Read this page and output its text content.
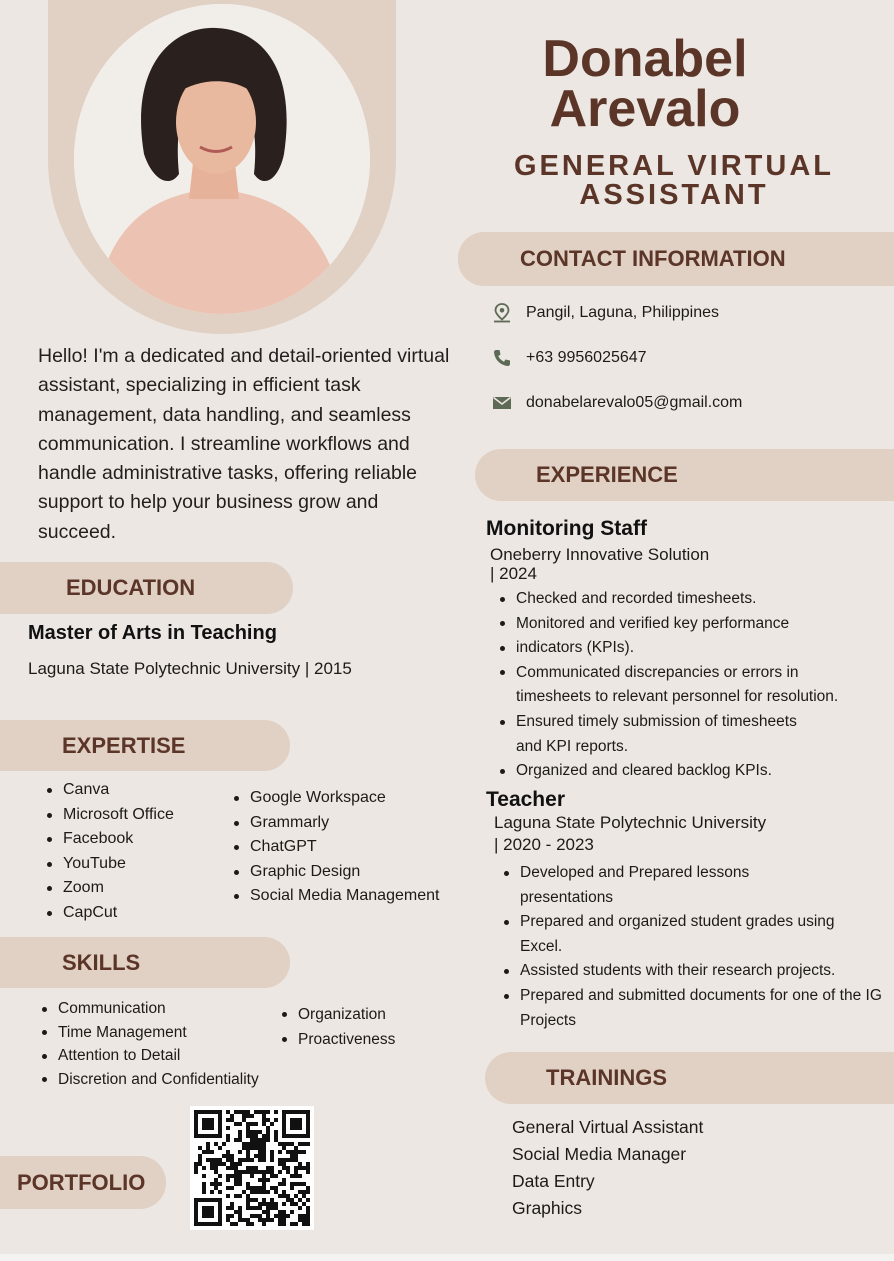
Donabel
Arevalo
GENERAL VIRTUAL
ASSISTANT
CONTACT INFORMATION
Pangil, Laguna, Philippines
+63 9956025647
donabelarevalo05@gmail.com
Hello! I'm a dedicated and detail-oriented virtual assistant, specializing in efficient task management, data handling, and seamless communication. I streamline workflows and handle administrative tasks, offering reliable support to help your business grow and succeed.
EDUCATION
Master of Arts in Teaching
Laguna State Polytechnic University | 2015
EXPERTISE
Canva
Microsoft Office
Facebook
YouTube
Zoom
CapCut
Google Workspace
Grammarly
ChatGPT
Graphic Design
Social Media Management
SKILLS
Communication
Time Management
Attention to Detail
Discretion and Confidentiality
Organization
Proactiveness
PORTFOLIO
EXPERIENCE
Monitoring Staff
Oneberry Innovative Solution
| 2024
Checked and recorded timesheets.
Monitored and verified key performance
indicators (KPIs).
Communicated discrepancies or errors in timesheets to relevant personnel for resolution.
Ensured timely submission of timesheets and KPI reports.
Organized and cleared backlog KPIs.
Teacher
Laguna State Polytechnic University
| 2020 - 2023
Developed and Prepared lessons presentations
Prepared and organized student grades using Excel.
Assisted students with their research projects.
Prepared and submitted documents for one of the IG Projects
TRAININGS
General Virtual Assistant
Social Media Manager
Data Entry
Graphics
